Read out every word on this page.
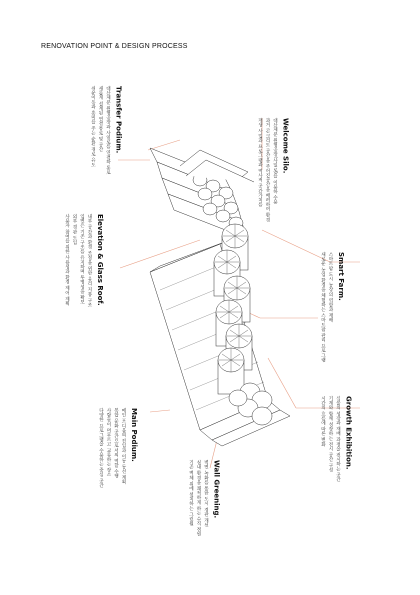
RENOVATION POINT & DESIGN PROCESS
Welcome Silo.
대산제분 원형공장(사일로)를 이용하 수용
과거 콘크리트 공간을 주어진공간을 배려하여 환경
재생 사업과 프로그램과 역사적 공간가치를
Transfer Podium.
대산제분 원형공장과 사일로를 연결하 통로
새롭게 설계된 연결통로 및 공간
쉬운이동과 흥미를 주는 순환 경로 유도
Smart Farm.
스마트팜 도시 농장의 역할과 재배
새로운 농업 환경을 체험하는 스마트팜 관리 프로그램
Elevation & Glass Roof.
내부 공간과 환경 조절을 위한 유리 지붕 구조
입면은 기존 구조를 유지하며 투명성을 확보
외부 경관 도입
사용자 참여를 위한 사용성과 환경 제어 계획
Growth Exhibition.
식물의 성장과 재배 과정을 전시하는 공간
기계와 함께 성장하는 전시 공간 구성
시간의 흐름에 따른 변화
Wall Greening.
벽면 녹화를 통한 도시 경관 개선
실내 환경을 쾌적하게 하는 수직 정원
기존 벽체 위에 설치하는 그린월
Main Podium.
메인 포디움의 진입과 이동 동선 계획
복합 문화 공간으로서의 역할 수행
사람들이 머무르고 교류하는 장소
다양한 프로그램을 수용하는 중심 공간
